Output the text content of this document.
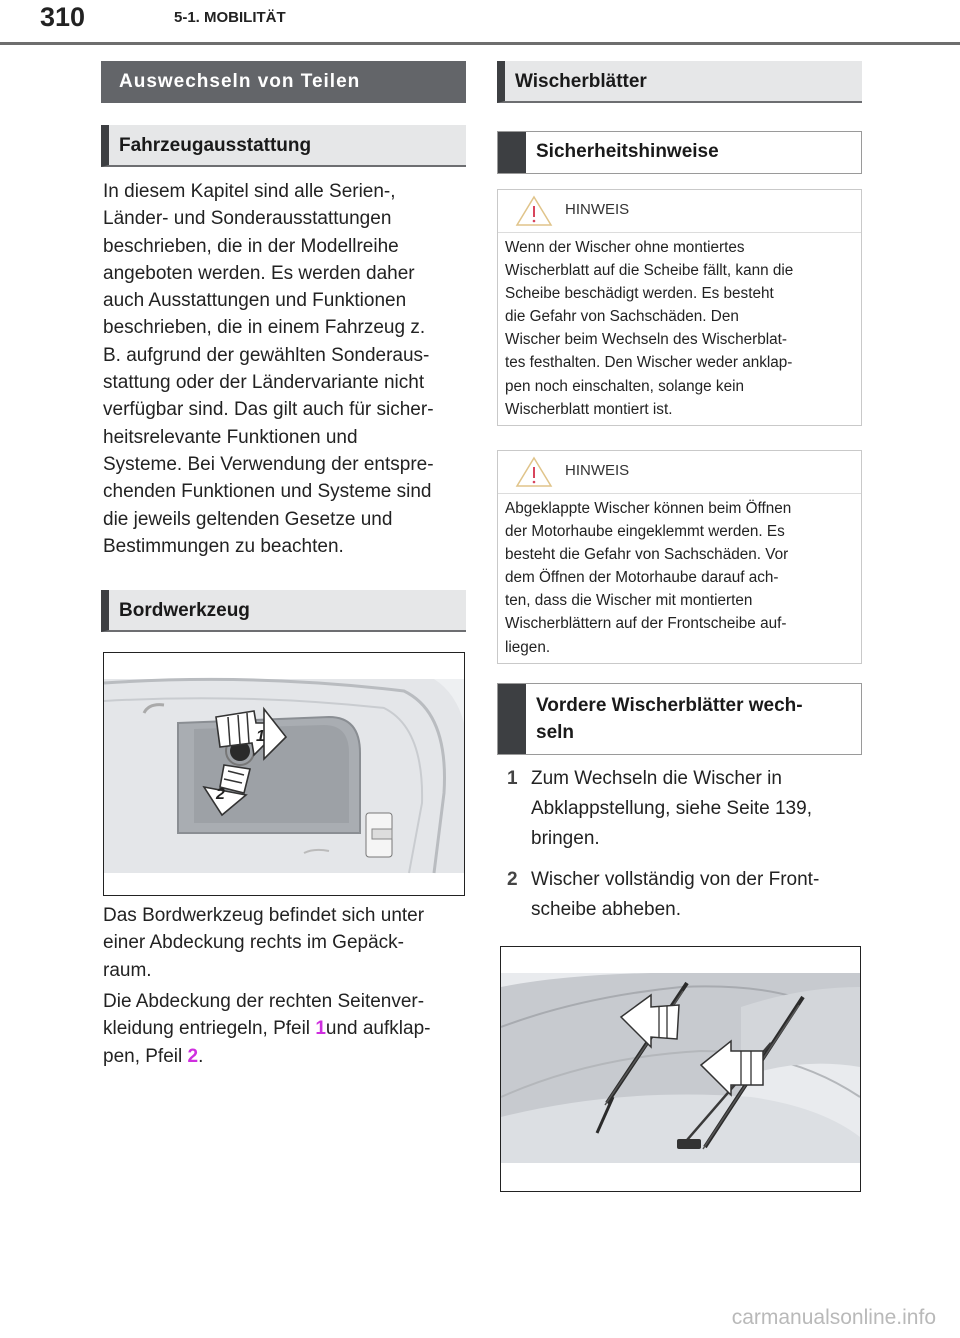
310	5-1. MOBILITÄT
Auswechseln von Teilen
Fahrzeugausstattung
In diesem Kapitel sind alle Serien-,
Länder- und Sonderausstattungen
beschrieben, die in der Modellreihe
angeboten werden. Es werden daher
auch Ausstattungen und Funktionen
beschrieben, die in einem Fahrzeug z.
B. aufgrund der gewählten Sonderaus-
stattung oder der Ländervariante nicht
verfügbar sind. Das gilt auch für sicher-
heitsrelevante Funktionen und
Systeme. Bei Verwendung der entspre-
chenden Funktionen und Systeme sind
die jeweils geltenden Gesetze und
Bestimmungen zu beachten.
Bordwerkzeug
1
2
Das Bordwerkzeug befindet sich unter
einer Abdeckung rechts im Gepäck-
raum.
Die Abdeckung der rechten Seitenver-
kleidung entriegeln, Pfeil 1und aufklap-
pen, Pfeil 2.
Wischerblätter
Sicherheitshinweise
HINWEIS
Wenn der Wischer ohne montiertes
Wischerblatt auf die Scheibe fällt, kann die
Scheibe beschädigt werden. Es besteht
die Gefahr von Sachschäden. Den
Wischer beim Wechseln des Wischerblat-
tes festhalten. Den Wischer weder anklap-
pen noch einschalten, solange kein
Wischerblatt montiert ist.
HINWEIS
Abgeklappte Wischer können beim Öffnen
der Motorhaube eingeklemmt werden. Es
besteht die Gefahr von Sachschäden. Vor
dem Öffnen der Motorhaube darauf ach-
ten, dass die Wischer mit montierten
Wischerblättern auf der Frontscheibe auf-
liegen.
Vordere Wischerblätter wech-
seln
1 Zum Wechseln die Wischer in
Abklappstellung, siehe Seite 139,
bringen.
2 Wischer vollständig von der Front-
scheibe abheben.
carmanualsonline.info
